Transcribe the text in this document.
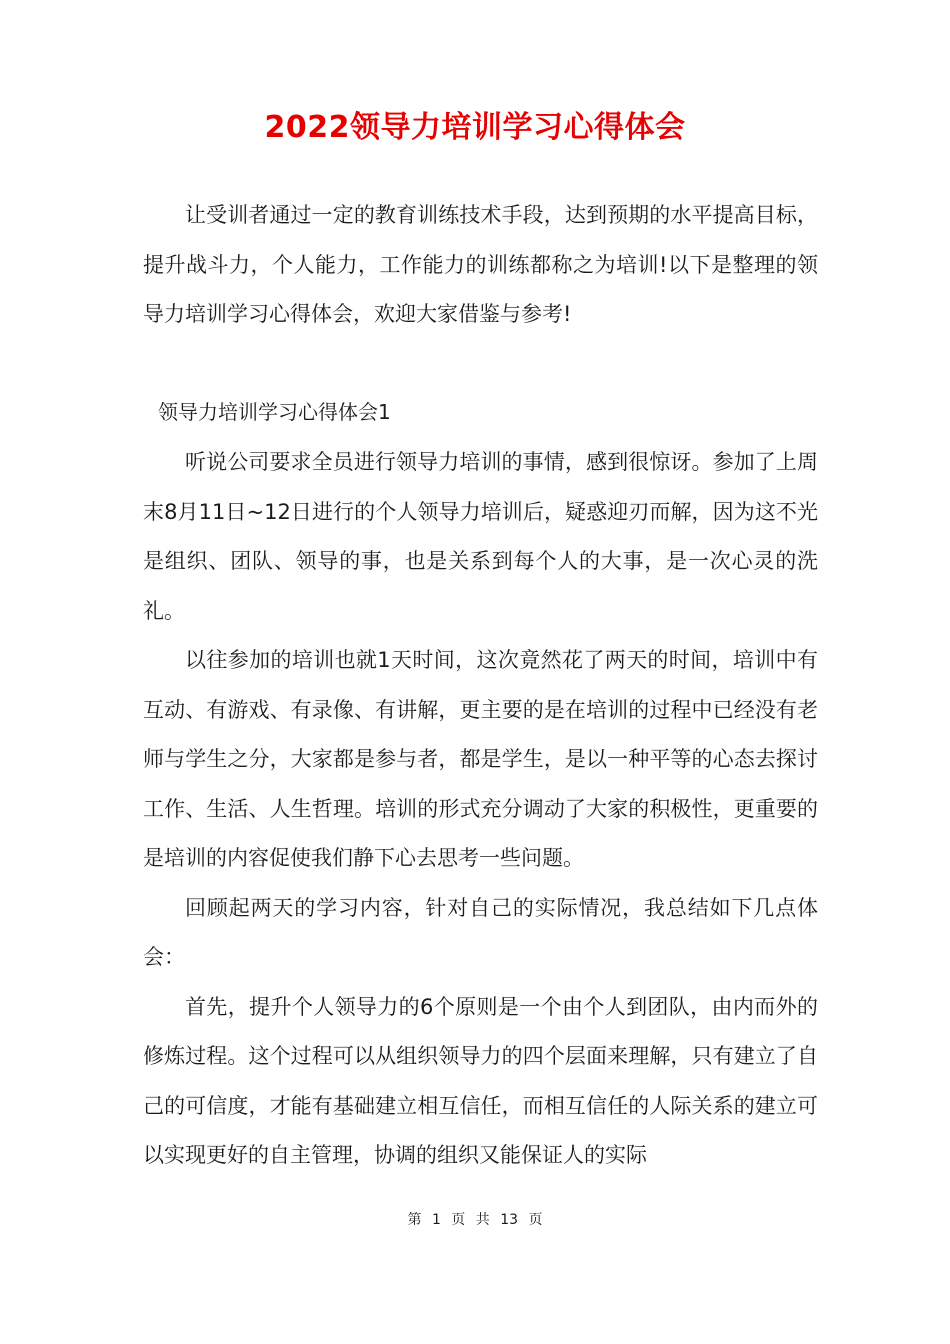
2022领导力培训学习心得体会

让受训者通过一定的教育训练技术手段，达到预期的水平提高目标，提升战斗力，个人能力，工作能力的训练都称之为培训!以下是整理的领导力培训学习心得体会，欢迎大家借鉴与参考!

领导力培训学习心得体会1

听说公司要求全员进行领导力培训的事情，感到很惊讶。参加了上周末8月11日~12日进行的个人领导力培训后，疑惑迎刃而解，因为这不光是组织、团队、领导的事，也是关系到每个人的大事，是一次心灵的洗礼。

以往参加的培训也就1天时间，这次竟然花了两天的时间，培训中有互动、有游戏、有录像、有讲解，更主要的是在培训的过程中已经没有老师与学生之分，大家都是参与者，都是学生，是以一种平等的心态去探讨工作、生活、人生哲理。培训的形式充分调动了大家的积极性，更重要的是培训的内容促使我们静下心去思考一些问题。

回顾起两天的学习内容，针对自己的实际情况，我总结如下几点体会：

首先，提升个人领导力的6个原则是一个由个人到团队，由内而外的修炼过程。这个过程可以从组织领导力的四个层面来理解，只有建立了自己的可信度，才能有基础建立相互信任，而相互信任的人际关系的建立可以实现更好的自主管理，协调的组织又能保证人的实际

第 1 页 共 13 页
